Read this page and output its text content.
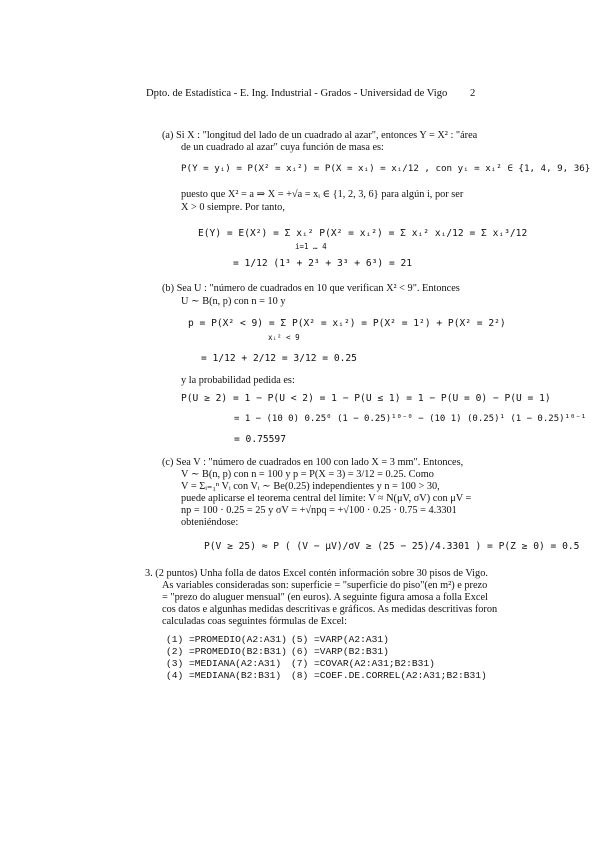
Dpto. de Estadística - E. Ing. Industrial - Grados - Universidad de Vigo 2
(a) Si X : "longitud del lado de un cuadrado al azar", entonces Y = X² : "área
de un cuadrado al azar" cuya función de masa es:
P(Y = yᵢ) = P(X² = xᵢ²) = P(X = xᵢ) = xᵢ/12 , con yᵢ = xᵢ² ∈ {1, 4, 9, 36}
puesto que X² = a ⇒ X = +√a = xᵢ ∈ {1, 2, 3, 6} para algún i, por ser
X > 0 siempre. Por tanto,
E(Y) = E(X²) = Σ xᵢ² P(X² = xᵢ²) = Σ xᵢ² xᵢ/12 = Σ xᵢ³/12
i=1 … 4
= 1/12 (1³ + 2³ + 3³ + 6³) = 21
(b) Sea U : "número de cuadrados en 10 que verifican X² < 9". Entonces
U ∼ B(n, p) con n = 10 y
p = P(X² < 9) = Σ P(X² = xᵢ²) = P(X² = 1²) + P(X² = 2²)
xᵢ² < 9
= 1/12 + 2/12 = 3/12 = 0.25
y la probabilidad pedida es:
P(U ≥ 2) = 1 − P(U < 2) = 1 − P(U ≤ 1) = 1 − P(U = 0) − P(U = 1)
= 1 − (10 0) 0.25⁰ (1 − 0.25)¹⁰⁻⁰ − (10 1) (0.25)¹ (1 − 0.25)¹⁰⁻¹
= 0.75597
(c) Sea V : "número de cuadrados en 100 con lado X = 3 mm". Entonces,
V ∼ B(n, p) con n = 100 y p = P(X = 3) = 3/12 = 0.25. Como
V = Σᵢ₌₁ⁿ Vᵢ con Vᵢ ∼ Be(0.25) independientes y n = 100 > 30,
puede aplicarse el teorema central del límite: V ≈ N(μV, σV) con μV =
np = 100 · 0.25 = 25 y σV = +√npq = +√100 · 0.25 · 0.75 = 4.3301
obteniéndose:
P(V ≥ 25) ≈ P ( (V − μV)/σV ≥ (25 − 25)/4.3301 ) = P(Z ≥ 0) = 0.5
3. (2 puntos) Unha folla de datos Excel contén información sobre 30 pisos de Vigo.
As variables consideradas son: superficie = "superficie do piso"(en m²) e prezo
= "prezo do aluguer mensual" (en euros). A seguinte figura amosa a folla Excel
cos datos e algunhas medidas descritivas e gráficos. As medidas descritivas foron
calculadas coas seguintes fórmulas de Excel:
(1) =PROMEDIO(A2:A31)
(2) =PROMEDIO(B2:B31)
(3) =MEDIANA(A2:A31)
(4) =MEDIANA(B2:B31)
(5) =VARP(A2:A31)
(6) =VARP(B2:B31)
(7) =COVAR(A2:A31;B2:B31)
(8) =COEF.DE.CORREL(A2:A31;B2:B31)
